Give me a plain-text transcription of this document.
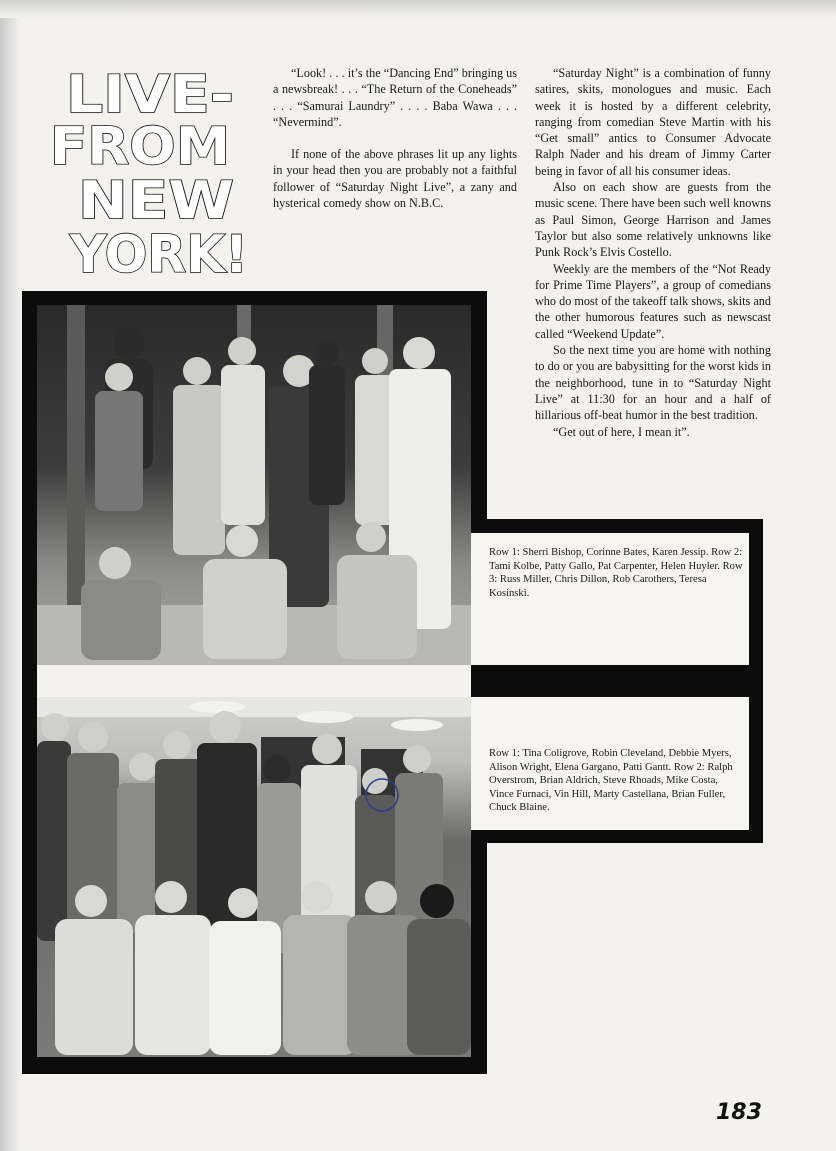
LIVE-
FROM
NEW
YORK!

“Look! . . . it’s the “Dancing End” bringing us a newsbreak! . . . “The Return of the Coneheads” . . . “Samurai Laundry” . . . . Baba Wawa . . . “Nevermind”.

If none of the above phrases lit up any lights in your head then you are probably not a faithful follower of “Saturday Night Live”, a zany and hysterical comedy show on N.B.C.

“Saturday Night” is a combination of funny satires, skits, monologues and music. Each week it is hosted by a different celebrity, ranging from comedian Steve Martin with his “Get small” antics to Consumer Advocate Ralph Nader and his dream of Jimmy Carter being in favor of all his consumer ideas.

Also on each show are guests from the music scene. There have been such well knowns as Paul Simon, George Harrison and James Taylor but also some relatively unknowns like Punk Rock’s Elvis Costello.

Weekly are the members of the “Not Ready for Prime Time Players”, a group of comedians who do most of the takeoff talk shows, skits and the other humorous features such as newscast called “Weekend Update”.

So the next time you are home with nothing to do or you are babysitting for the worst kids in the neighborhood, tune in to “Saturday Night Live” at 11:30 for an hour and a half of hillarious off-beat humor in the best tradition.

“Get out of here, I mean it”.

Row 1: Sherri Bishop, Corinne Bates, Karen Jessip. Row 2: Tami Kolbe, Patty Gallo, Pat Carpenter, Helen Huyler. Row 3: Russ Miller, Chris Dillon, Rob Carothers, Teresa Kosinski.
Row 1: Tina Coligrove, Robin Cleveland, Debbie Myers, Alison Wright, Elena Gargano, Patti Gantt. Row 2: Ralph Overstrom, Brian Aldrich, Steve Rhoads, Mike Costa, Vince Furnaci, Vin Hill, Marty Castellana, Brian Fuller, Chuck Blaine.
183
